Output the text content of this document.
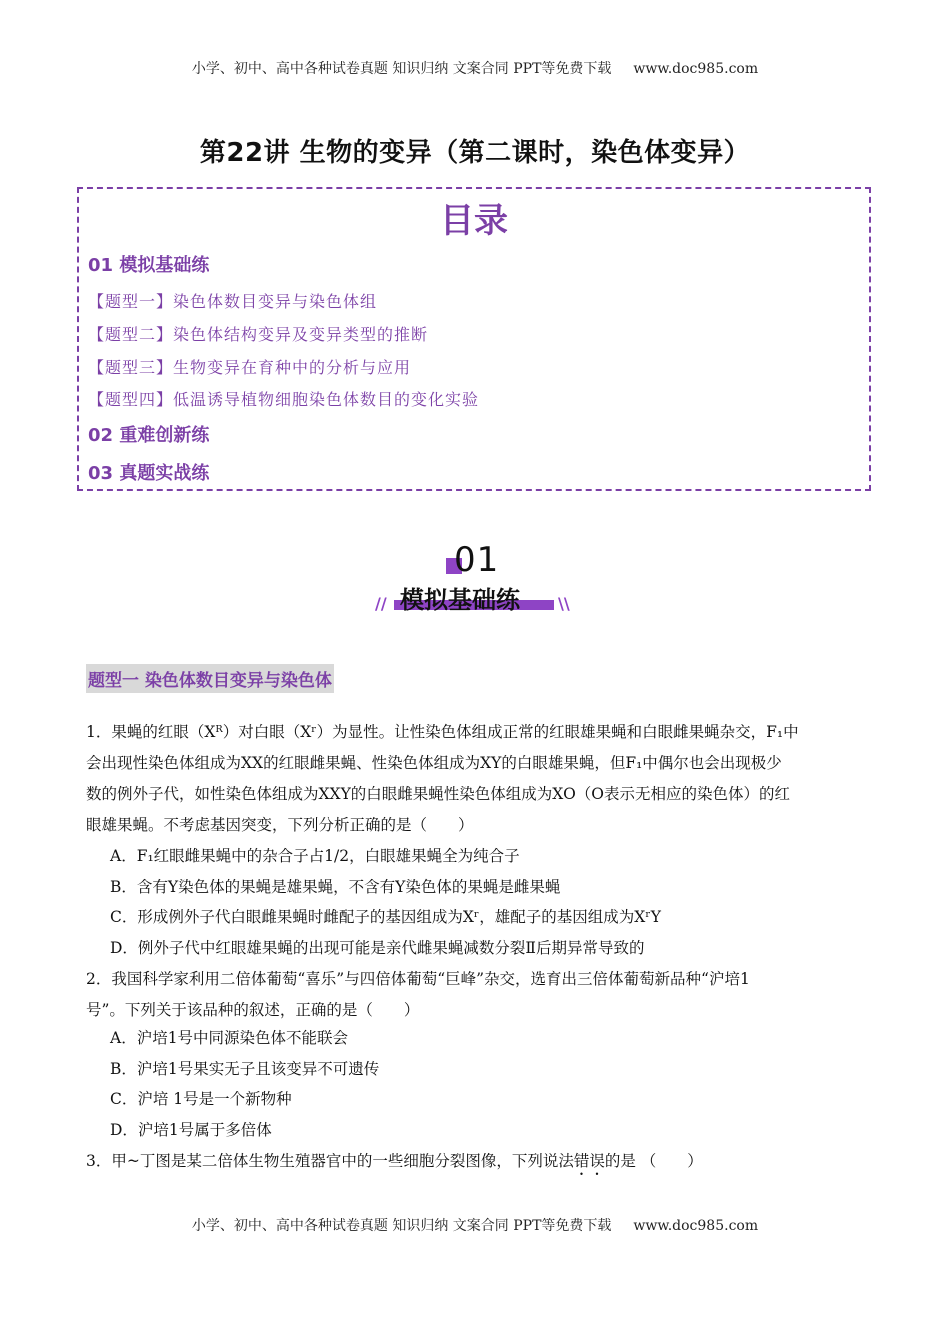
小学、初中、高中各种试卷真题 知识归纳 文案合同 PPT等免费下载 www.doc985.com
第22讲 生物的变异（第二课时，染色体变异）
目录
01 模拟基础练
【题型一】染色体数目变异与染色体组
【题型二】染色体结构变异及变异类型的推断
【题型三】生物变异在育种中的分析与应用
【题型四】低温诱导植物细胞染色体数目的变化实验
02 重难创新练
03 真题实战练
01
模拟基础练
//	\\
题型一 染色体数目变异与染色体
1．果蝇的红眼（Xᴿ）对白眼（Xʳ）为显性。让性染色体组成正常的红眼雄果蝇和白眼雌果蝇杂交，F₁中
会出现性染色体组成为XX的红眼雌果蝇、性染色体组成为XY的白眼雄果蝇，但F₁中偶尔也会出现极少
数的例外子代，如性染色体组成为XXY的白眼雌果蝇性染色体组成为XO（O表示无相应的染色体）的红
眼雄果蝇。不考虑基因突变，下列分析正确的是（　　）
A．F₁红眼雌果蝇中的杂合子占1/2，白眼雄果蝇全为纯合子
B．含有Y染色体的果蝇是雄果蝇，不含有Y染色体的果蝇是雌果蝇
C．形成例外子代白眼雌果蝇时雌配子的基因组成为Xʳ，雄配子的基因组成为XʳY
D．例外子代中红眼雄果蝇的出现可能是亲代雌果蝇减数分裂Ⅱ后期异常导致的
2．我国科学家利用二倍体葡萄“喜乐”与四倍体葡萄“巨峰”杂交，选育出三倍体葡萄新品种“沪培1
号”。下列关于该品种的叙述，正确的是（　　）
A．沪培1号中同源染色体不能联会
B．沪培1号果实无子且该变异不可遗传
C．沪培 1号是一个新物种
D．沪培1号属于多倍体
3．甲~丁图是某二倍体生物生殖器官中的一些细胞分裂图像，下列说法错误的是 （　　）
小学、初中、高中各种试卷真题 知识归纳 文案合同 PPT等免费下载 www.doc985.com
